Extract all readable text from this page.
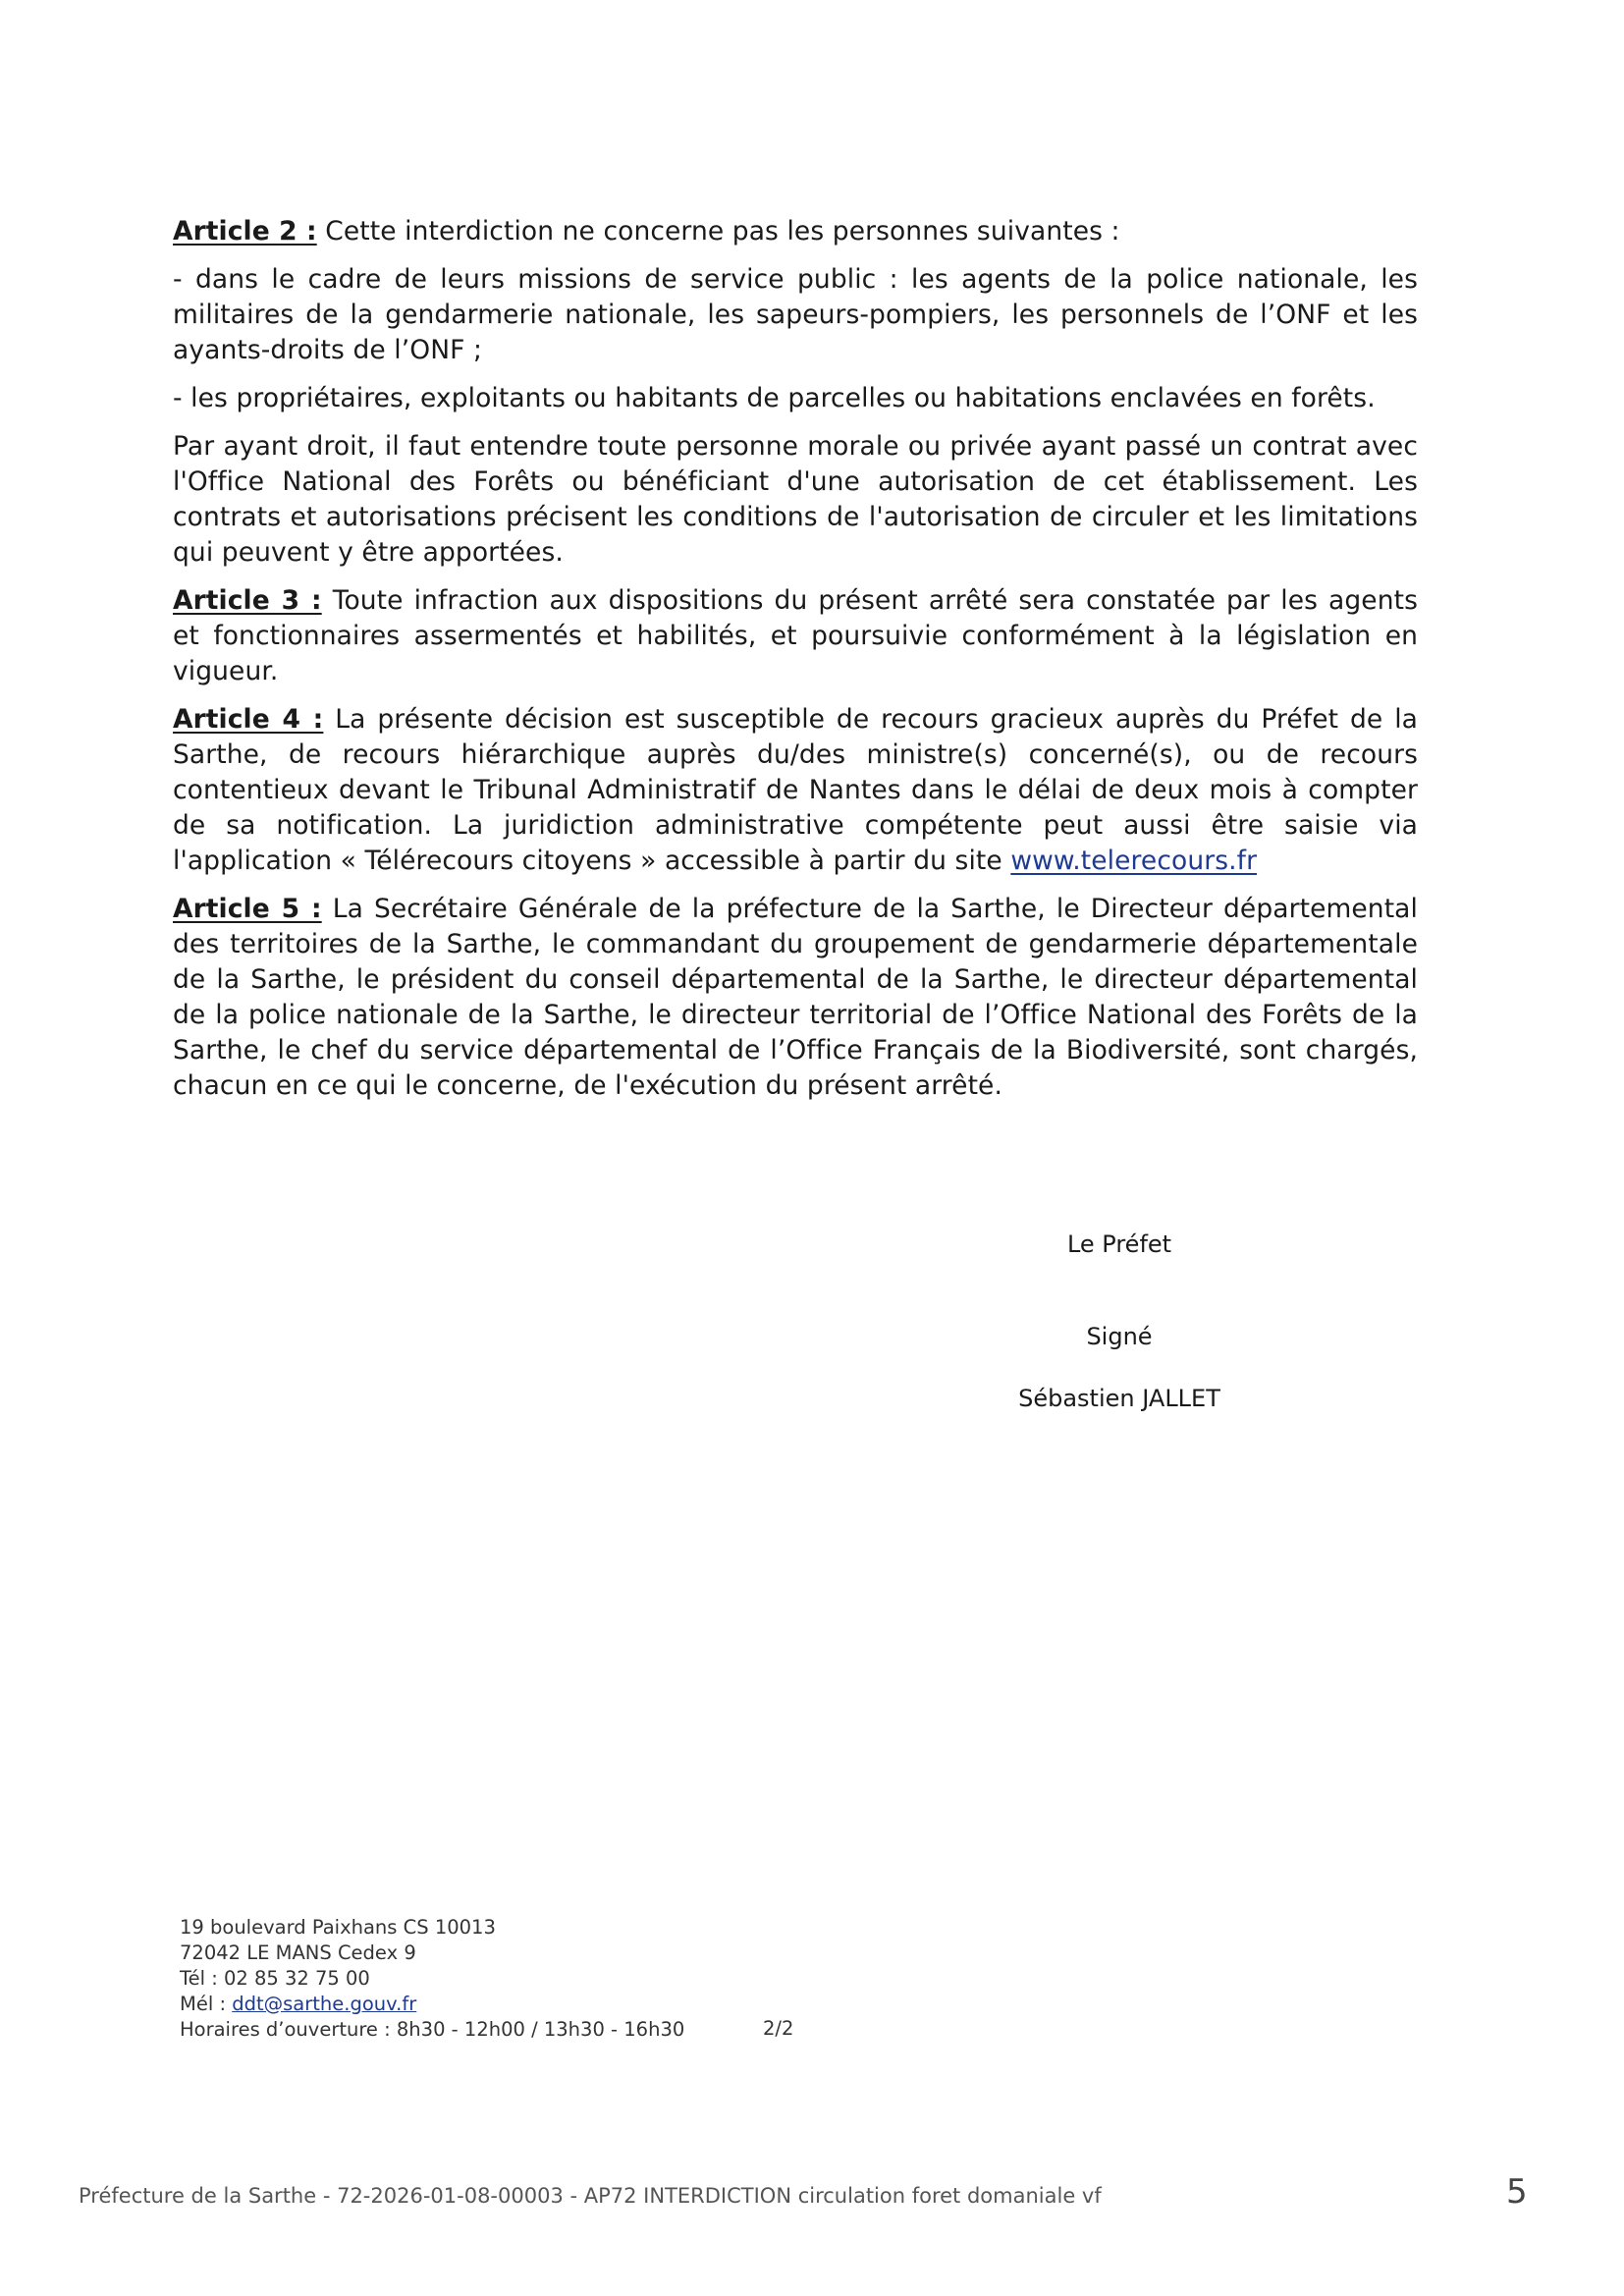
Article 2 : Cette interdiction ne concerne pas les personnes suivantes :

- dans le cadre de leurs missions de service public : les agents de la police nationale, les militaires de la gendarmerie nationale, les sapeurs-pompiers, les personnels de l’ONF et les ayants-droits de l’ONF ;

- les propriétaires, exploitants ou habitants de parcelles ou habitations enclavées en forêts.

Par ayant droit, il faut entendre toute personne morale ou privée ayant passé un contrat avec l'Office National des Forêts ou bénéficiant d'une autorisation de cet établissement. Les contrats et autorisations précisent les conditions de l'autorisation de circuler et les limitations qui peuvent y être apportées.

Article 3 : Toute infraction aux dispositions du présent arrêté sera constatée par les agents et fonctionnaires assermentés et habilités, et poursuivie conformément à la législation en vigueur.

Article 4 : La présente décision est susceptible de recours gracieux auprès du Préfet de la Sarthe, de recours hiérarchique auprès du/des ministre(s) concerné(s), ou de recours contentieux devant le Tribunal Administratif de Nantes dans le délai de deux mois à compter de sa notification. La juridiction administrative compétente peut aussi être saisie via l'application « Télérecours citoyens » accessible à partir du site www.telerecours.fr

Article 5 : La Secrétaire Générale de la préfecture de la Sarthe, le Directeur départemental des territoires de la Sarthe, le commandant du groupement de gendarmerie départementale de la Sarthe, le président du conseil départemental de la Sarthe, le directeur départemental de la police nationale de la Sarthe, le directeur territorial de l’Office National des Forêts de la Sarthe, le chef du service départemental de l’Office Français de la Biodiversité, sont chargés, chacun en ce qui le concerne, de l'exécution du présent arrêté.

Le Préfet
Signé
Sébastien JALLET
19 boulevard Paixhans CS 10013
72042 LE MANS Cedex 9
Tél : 02 85 32 75 00
Mél : ddt@sarthe.gouv.fr
Horaires d’ouverture : 8h30 - 12h00 / 13h30 - 16h30	2/2
Préfecture de la Sarthe - 72-2026-01-08-00003 - AP72 INTERDICTION circulation foret domaniale vf	5
